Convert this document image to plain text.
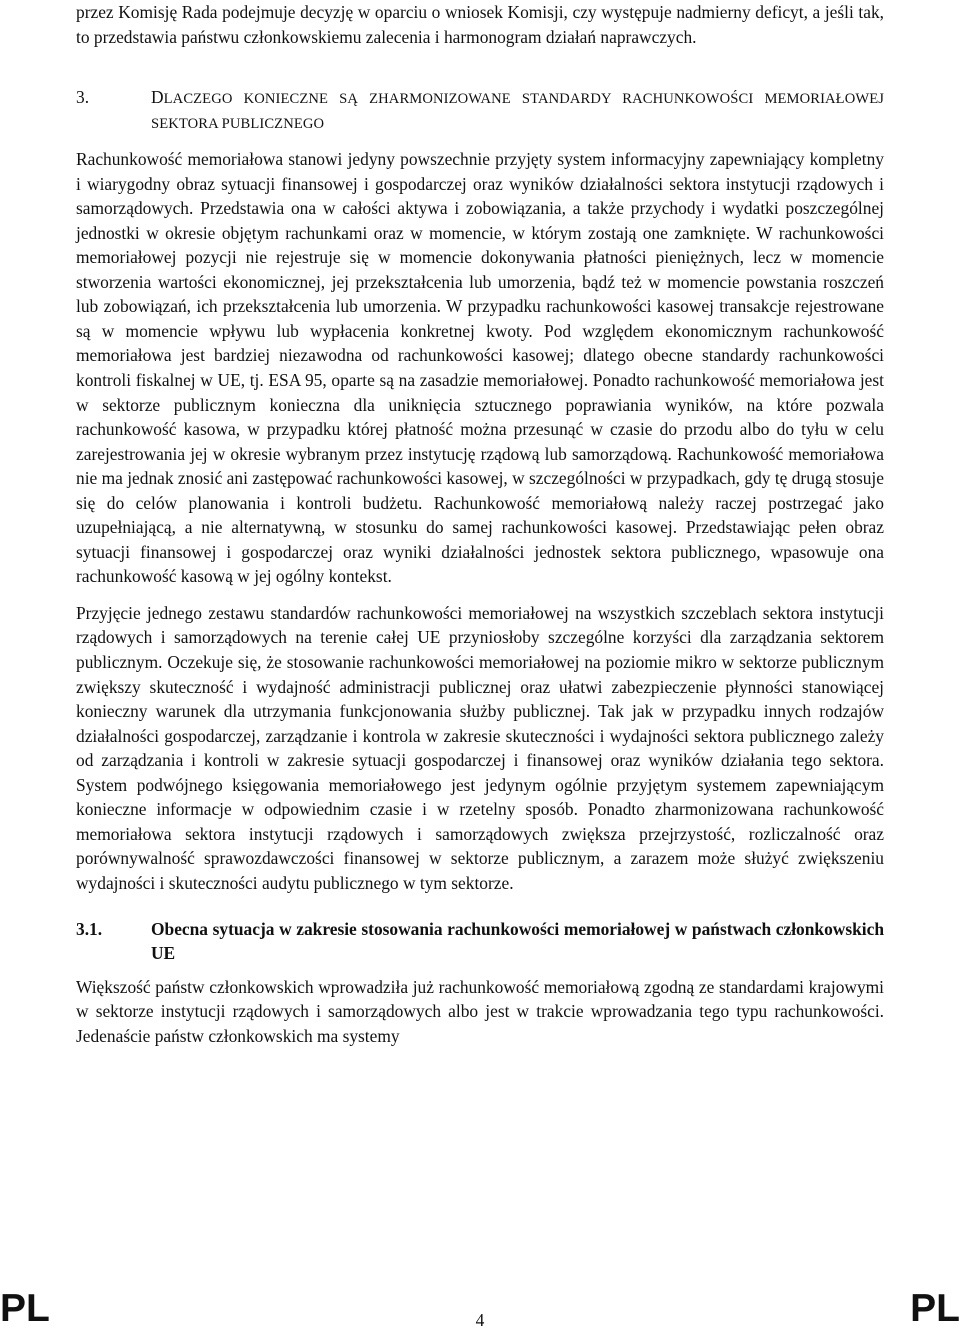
przez Komisję Rada podejmuje decyzję w oparciu o wniosek Komisji, czy występuje nadmierny deficyt, a jeśli tak, to przedstawia państwu członkowskiemu zalecenia i harmonogram działań naprawczych.

3.	DLACZEGO KONIECZNE SĄ ZHARMONIZOWANE STANDARDY RACHUNKOWOŚCI MEMORIAŁOWEJ SEKTORA PUBLICZNEGO

Rachunkowość memoriałowa stanowi jedyny powszechnie przyjęty system informacyjny zapewniający kompletny i wiarygodny obraz sytuacji finansowej i gospodarczej oraz wyników działalności sektora instytucji rządowych i samorządowych. Przedstawia ona w całości aktywa i zobowiązania, a także przychody i wydatki poszczególnej jednostki w okresie objętym rachunkami oraz w momencie, w którym zostają one zamknięte. W rachunkowości memoriałowej pozycji nie rejestruje się w momencie dokonywania płatności pieniężnych, lecz w momencie stworzenia wartości ekonomicznej, jej przekształcenia lub umorzenia, bądź też w momencie powstania roszczeń lub zobowiązań, ich przekształcenia lub umorzenia. W przypadku rachunkowości kasowej transakcje rejestrowane są w momencie wpływu lub wypłacenia konkretnej kwoty. Pod względem ekonomicznym rachunkowość memoriałowa jest bardziej niezawodna od rachunkowości kasowej; dlatego obecne standardy rachunkowości kontroli fiskalnej w UE, tj. ESA 95, oparte są na zasadzie memoriałowej. Ponadto rachunkowość memoriałowa jest w sektorze publicznym konieczna dla uniknięcia sztucznego poprawiania wyników, na które pozwala rachunkowość kasowa, w przypadku której płatność można przesunąć w czasie do przodu albo do tyłu w celu zarejestrowania jej w okresie wybranym przez instytucję rządową lub samorządową. Rachunkowość memoriałowa nie ma jednak znosić ani zastępować rachunkowości kasowej, w szczególności w przypadkach, gdy tę drugą stosuje się do celów planowania i kontroli budżetu. Rachunkowość memoriałową należy raczej postrzegać jako uzupełniającą, a nie alternatywną, w stosunku do samej rachunkowości kasowej. Przedstawiając pełen obraz sytuacji finansowej i gospodarczej oraz wyniki działalności jednostek sektora publicznego, wpasowuje ona rachunkowość kasową w jej ogólny kontekst.

Przyjęcie jednego zestawu standardów rachunkowości memoriałowej na wszystkich szczeblach sektora instytucji rządowych i samorządowych na terenie całej UE przyniosłoby szczególne korzyści dla zarządzania sektorem publicznym. Oczekuje się, że stosowanie rachunkowości memoriałowej na poziomie mikro w sektorze publicznym zwiększy skuteczność i wydajność administracji publicznej oraz ułatwi zabezpieczenie płynności stanowiącej konieczny warunek dla utrzymania funkcjonowania służby publicznej. Tak jak w przypadku innych rodzajów działalności gospodarczej, zarządzanie i kontrola w zakresie skuteczności i wydajności sektora publicznego zależy od zarządzania i kontroli w zakresie sytuacji gospodarczej i finansowej oraz wyników działania tego sektora. System podwójnego księgowania memoriałowego jest jedynym ogólnie przyjętym systemem zapewniającym konieczne informacje w odpowiednim czasie i w rzetelny sposób. Ponadto zharmonizowana rachunkowość memoriałowa sektora instytucji rządowych i samorządowych zwiększa przejrzystość, rozliczalność oraz porównywalność sprawozdawczości finansowej w sektorze publicznym, a zarazem może służyć zwiększeniu wydajności i skuteczności audytu publicznego w tym sektorze.

3.1.	Obecna sytuacja w zakresie stosowania rachunkowości memoriałowej w państwach członkowskich UE

Większość państw członkowskich wprowadziła już rachunkowość memoriałową zgodną ze standardami krajowymi w sektorze instytucji rządowych i samorządowych albo jest w trakcie wprowadzania tego typu rachunkowości. Jedenaście państw członkowskich ma systemy

PL	4	PL
